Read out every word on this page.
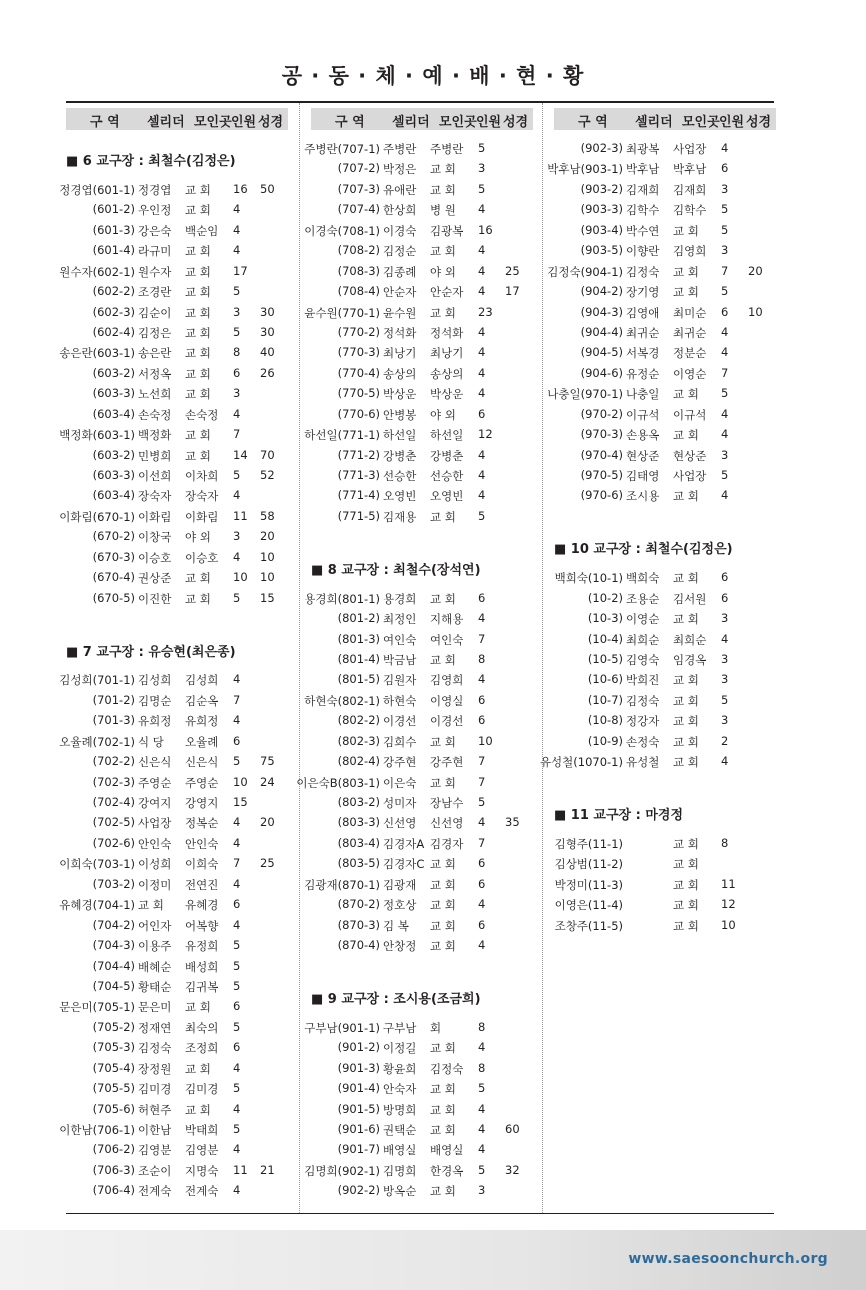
공 · 동 · 체 · 예 · 배 · 현 · 황
구 역 셀리더 모인곳 인원 성경
■ 6 교구장 : 최철수(김정은)
정경엽(601-1) 정경엽 교 회 16 50
(601-2) 우인정 교 회 4
(601-3) 강은숙 백순임 4
(601-4) 라규미 교 회 4
원수자(602-1) 원수자 교 회 17
(602-2) 조경란 교 회 5
(602-3) 김순이 교 회 3 30
(602-4) 김정은 교 회 5 30
송은란(603-1) 송은란 교 회 8 40
(603-2) 서정옥 교 회 6 26
(603-3) 노선희 교 회 3
(603-4) 손숙정 손숙정 4
백정화(603-1) 백정화 교 회 7
(603-2) 민병희 교 회 14 70
(603-3) 이선희 이차희 5 52
(603-4) 장숙자 장숙자 4
이화림(670-1) 이화림 이화림 11 58
(670-2) 이창국 야 외 3 20
(670-3) 이승호 이승호 4 10
(670-4) 권상준 교 회 10 10
(670-5) 이진한 교 회 5 15
■ 7 교구장 : 유승현(최은종)
김성희(701-1) 김성희 김성희 4
(701-2) 김명순 김순옥 7
(701-3) 유희정 유희정 4
오율례(702-1) 식 당 오율례 6
(702-2) 신은식 신은식 5 75
(702-3) 주영순 주영순 10 24
(702-4) 강여지 강영지 15
(702-5) 사업장 정복순 4 20
(702-6) 안인숙 안인숙 4
이희숙(703-1) 이성희 이희숙 7 25
(703-2) 이정미 전연진 4
유혜경(704-1) 교 회 유혜경 6
(704-2) 어인자 어복향 4
(704-3) 이용주 유정희 5
(704-4) 배혜순 배성희 5
(704-5) 황태순 김귀복 5
문은미(705-1) 문은미 교 회 6
(705-2) 정재연 최숙의 5
(705-3) 김정숙 조정희 6
(705-4) 장정원 교 회 4
(705-5) 김미경 김미경 5
(705-6) 허현주 교 회 4
이한남(706-1) 이한남 박태희 5
(706-2) 김영분 김영분 4
(706-3) 조순이 지명숙 11 21
(706-4) 전계숙 전계숙 4
구 역 셀리더 모인곳 인원 성경
주병란(707-1) 주병란 주병란 5
(707-2) 박정은 교 회 3
(707-3) 유애란 교 회 5
(707-4) 한상희 병 원 4
이경숙(708-1) 이경숙 김광복 16
(708-2) 김정순 교 회 4
(708-3) 김종례 야 외 4 25
(708-4) 안순자 안순자 4 17
윤수원(770-1) 윤수원 교 회 23
(770-2) 정석화 정석화 4
(770-3) 최낭기 최낭기 4
(770-4) 송상의 송상의 4
(770-5) 박상운 박상운 4
(770-6) 안병봉 야 외 6
하선일(771-1) 하선일 하선일 12
(771-2) 강병춘 강병춘 4
(771-3) 선승한 선승한 4
(771-4) 오영빈 오영빈 4
(771-5) 김재용 교 회 5
■ 8 교구장 : 최철수(장석연)
용경희(801-1) 용경희 교 회 6
(801-2) 최정인 지해용 4
(801-3) 여인숙 여인숙 7
(801-4) 박금남 교 회 8
(801-5) 김원자 김영희 4
하현숙(802-1) 하현숙 이영실 6
(802-2) 이경선 이경선 6
(802-3) 김희수 교 회 10
(802-4) 강주현 강주현 7
이은숙B(803-1) 이은숙 교 회 7
(803-2) 성미자 장남수 5
(803-3) 신선영 신선영 4 35
(803-4) 김경자A 김경자 7
(803-5) 김경자C 교 회 6
김광재(870-1) 김광재 교 회 6
(870-2) 정호상 교 회 4
(870-3) 김 복 교 회 6
(870-4) 안창정 교 회 4
■ 9 교구장 : 조시용(조금희)
구부남(901-1) 구부남 회	8
(901-2) 이정길 교 회 4
(901-3) 황윤희 김정숙 8
(901-4) 안숙자 교 회 5
(901-5) 방명희 교 회 4
(901-6) 권택순 교 회 4 60
(901-7) 배영실 배영실 4
김명희(902-1) 김명희 한경옥 5 32
(902-2) 방옥순 교 회 3
구 역 셀리더 모인곳 인원 성경
(902-3) 최광복 사업장 4
박후남(903-1) 박후남 박후남 6
(903-2) 김재희 김재희 3
(903-3) 김학수 김학수 5
(903-4) 박수연 교 회 5
(903-5) 이향란 김영희 3
김정숙(904-1) 김정숙 교 회 7 20
(904-2) 장기영 교 회 5
(904-3) 김영애 최미순 6 10
(904-4) 최귀순 최귀순 4
(904-5) 서복경 정분순 4
(904-6) 유정순 이영순 7
나충일(970-1) 나충일 교 회 5
(970-2) 이규석 이규석 4
(970-3) 손용옥 교 회 4
(970-4) 현상준 현상준 3
(970-5) 김태영 사업장 5
(970-6) 조시용 교 회 4
■ 10 교구장 : 최철수(김정은)
백희숙(10-1) 백희숙 교 회 6
(10-2) 조용순 김서원 6
(10-3) 이영순 교 회 3
(10-4) 최희순 최희순 4
(10-5) 김영숙 임경옥 3
(10-6) 박희진 교 회 3
(10-7) 김정숙 교 회 5
(10-8) 정강자 교 회 3
(10-9) 손정숙 교 회 2
유성철(1070-1) 유성철 교 회 4
■ 11 교구장 : 마경정
김형주(11-1)	교 회 8
김상범(11-2)	교 회
박정미(11-3)	교 회 11
이영은(11-4)	교 회 12
조창주(11-5)	교 회 10
www.saesoonchurch.org
